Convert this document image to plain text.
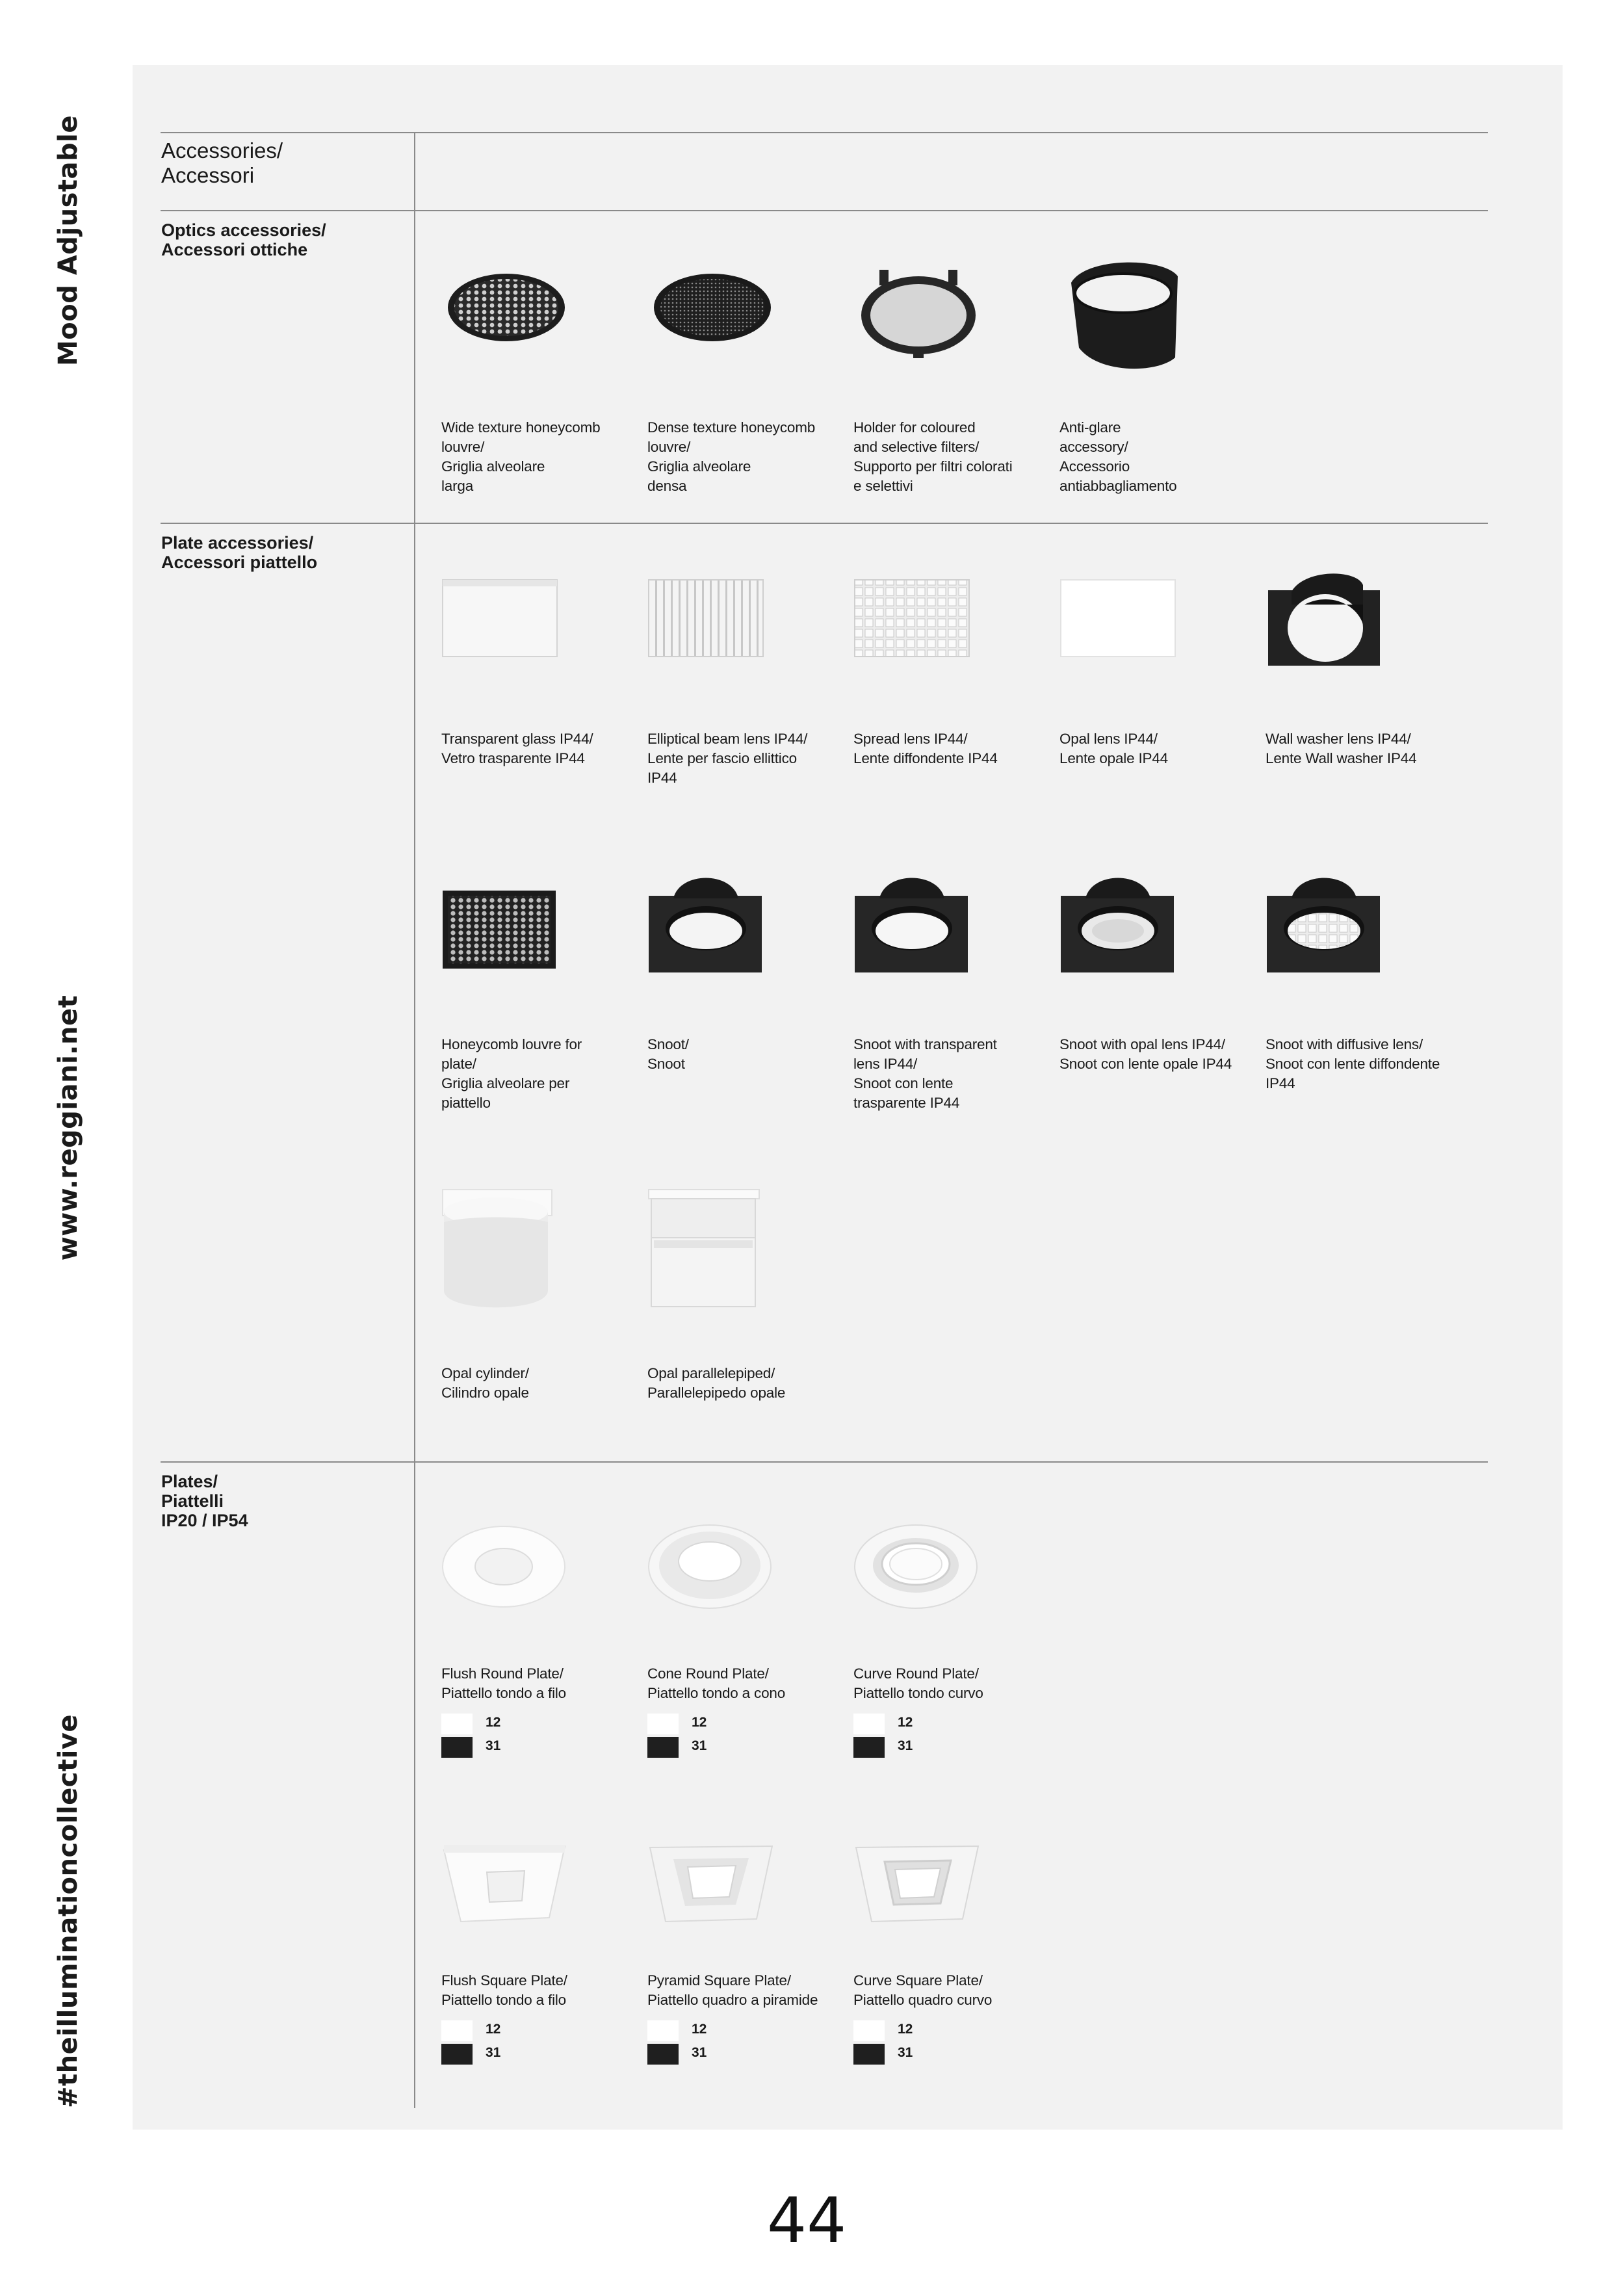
Mood Adjustable
www.reggiani.net
#theilluminationcollective
Accessories/
Accessori
Optics accessories/
Accessori ottiche
Plate accessories/
Accessori piattello
Plates/
Piattelli
IP20 / IP54
Wide texture honeycomb
louvre/
Griglia alveolare
larga
Dense texture honeycomb
louvre/
Griglia alveolare
densa
Holder for coloured
and selective filters/
Supporto per filtri colorati
e selettivi
Anti-glare
accessory/
Accessorio
antiabbagliamento
Transparent glass IP44/
Vetro trasparente IP44
Elliptical beam lens IP44/
Lente per fascio ellittico
IP44
Spread lens IP44/
Lente diffondente IP44
Opal lens IP44/
Lente opale IP44
Wall washer lens IP44/
Lente Wall washer IP44
Honeycomb louvre for
plate/
Griglia alveolare per
piattello
Snoot/
Snoot
Snoot with transparent
lens IP44/
Snoot con lente
trasparente IP44
Snoot with opal lens IP44/
Snoot con lente opale IP44
Snoot with diffusive lens/
Snoot con lente diffondente
IP44
Opal cylinder/
Cilindro opale
Opal parallelepiped/
Parallelepipedo opale
Flush Round Plate/
Piattello tondo a filo
12
31
Cone Round Plate/
Piattello tondo a cono
12
31
Curve Round Plate/
Piattello tondo curvo
12
31
Flush Square Plate/
Piattello tondo a filo
12
31
Pyramid Square Plate/
Piattello quadro a piramide
12
31
Curve Square Plate/
Piattello quadro curvo
12
31
44
